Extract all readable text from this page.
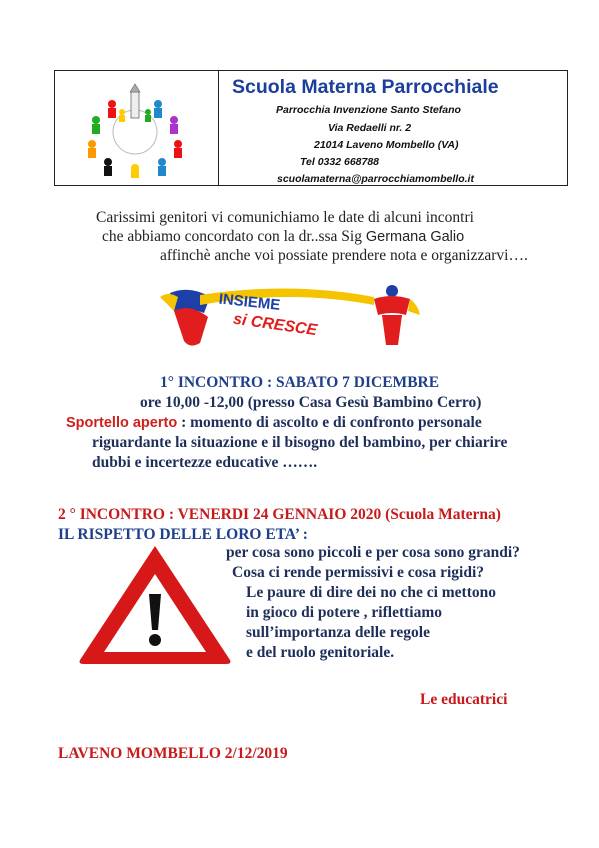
Scuola Materna Parrocchiale
Parrocchia Invenzione Santo Stefano
Via Redaelli nr. 2
21014 Laveno Mombello (VA)
Tel 0332 668788
scuolamaterna@parrocchiamombello.it
Carissimi genitori vi comunichiamo le date di alcuni incontri
che abbiamo concordato con la dr..ssa Sig Germana Galio
affinchè anche voi possiate prendere nota e organizzarvi….
INSIEME
si CRESCE
1° INCONTRO : SABATO 7 DICEMBRE
ore 10,00 -12,00 (presso Casa Gesù Bambino Cerro)
Sportello aperto : momento di ascolto e di confronto personale
riguardante la situazione e il bisogno del bambino, per chiarire
dubbi e incertezze educative …….
2 ° INCONTRO : VENERDI 24 GENNAIO 2020 (Scuola Materna)
IL RISPETTO DELLE LORO ETA’ :
per cosa sono piccoli e per cosa sono grandi?
Cosa ci rende permissivi e cosa rigidi?
Le paure di dire dei no che ci mettono
in gioco di potere , riflettiamo
sull’importanza delle regole
e del ruolo genitoriale.
Le educatrici
LAVENO MOMBELLO 2/12/2019
